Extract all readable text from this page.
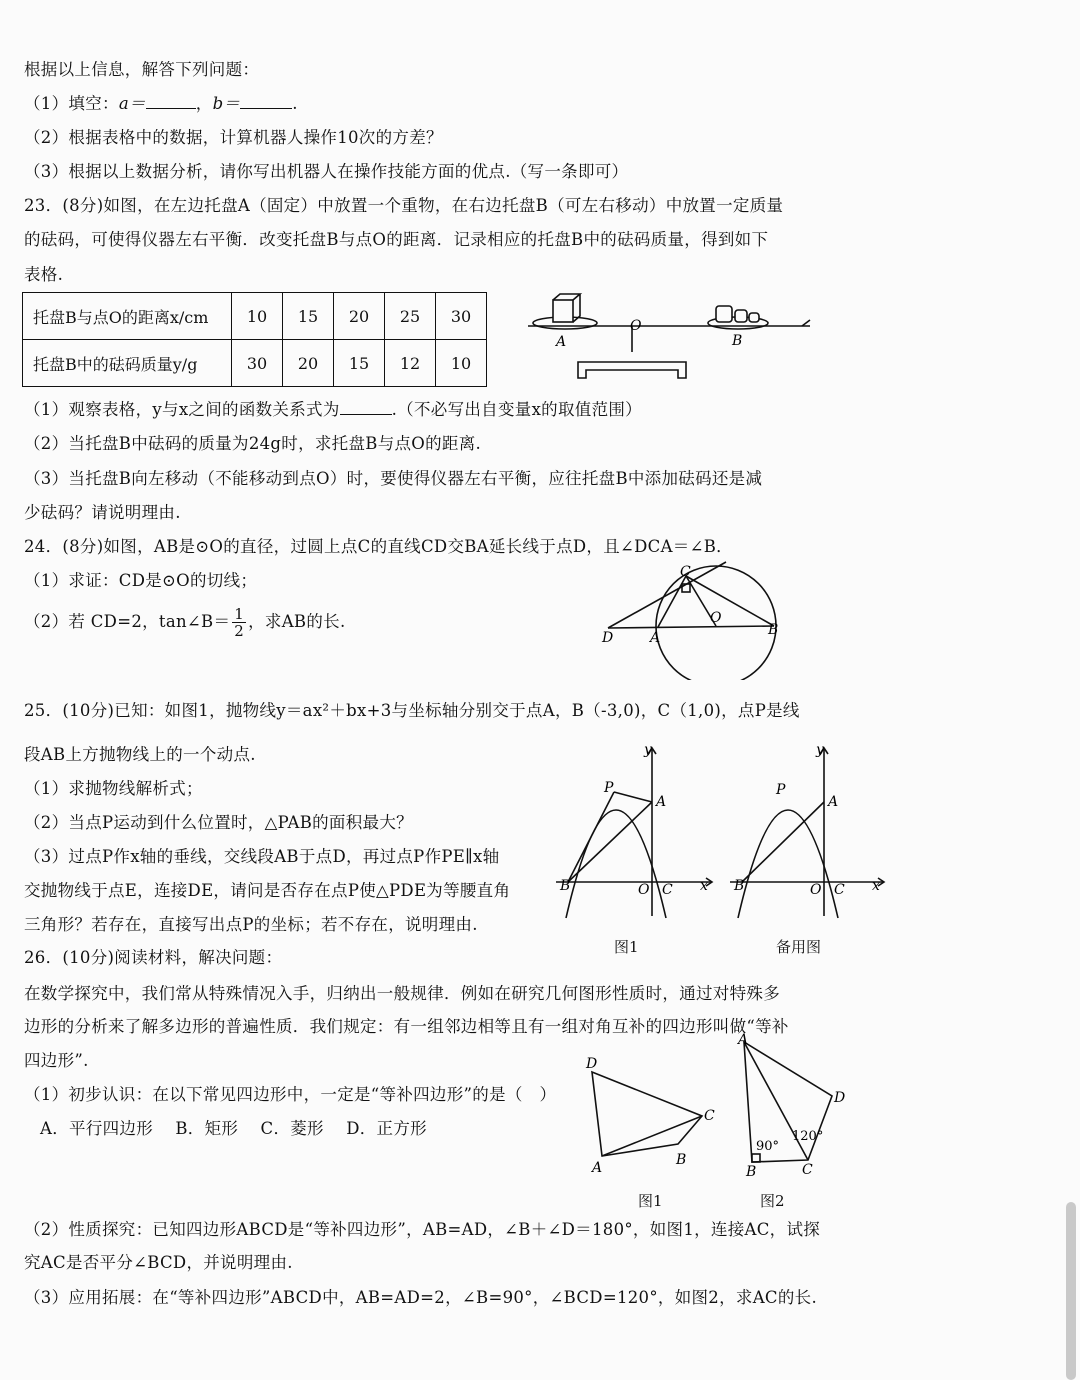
根据以上信息，解答下列问题：
（1）填空：a＝	，b＝	.
（2）根据表格中的数据，计算机器人操作10次的方差？
（3）根据以上数据分析，请你写出机器人在操作技能方面的优点.（写一条即可）
23．(8分)如图，在左边托盘A（固定）中放置一个重物，在右边托盘B（可左右移动）中放置一定质量
的砝码，可使得仪器左右平衡．改变托盘B与点O的距离．记录相应的托盘B中的砝码质量，得到如下
表格.
托盘B与点O的距离x/cm	10	15	20	25	30
托盘B中的砝码质量y/g	30	20	15	12	10
A
O
B
（1）观察表格，y与x之间的函数关系式为	.（不必写出自变量x的取值范围）
（2）当托盘B中砝码的质量为24g时，求托盘B与点O的距离.
（3）当托盘B向左移动（不能移动到点O）时，要使得仪器左右平衡，应往托盘B中添加砝码还是减
少砝码？请说明理由.
24．(8分)如图，AB是⊙O的直径，过圆上点C的直线CD交BA延长线于点D，且∠DCA＝∠B．
（1）求证：CD是⊙O的切线；
（2）若 CD=2，tan∠B＝ $\frac{1}{2}$ ，求AB的长.
C
D	A
O
B
25．(10分)已知：如图1，抛物线y＝ax²＋bx+3与坐标轴分别交于点A，B（-3,0)，C（1,0)，点P是线
段AB上方抛物线上的一个动点.
（1）求抛物线解析式；
（2）当点P运动到什么位置时，△PAB的面积最大？
（3）过点P作x轴的垂线，交线段AB于点D，再过点P作PE∥x轴
交抛物线于点E，连接DE，请问是否存在点P使△PDE为等腰直角
三角形？若存在，直接写出点P的坐标；若不存在，说明理由.
y
P
A
B	O C x
图1
y
P
A
B	O C x
备用图
26．(10分)阅读材料，解决问题：
在数学探究中，我们常从特殊情况入手，归纳出一般规律．例如在研究几何图形性质时，通过对特殊多
边形的分析来了解多边形的普遍性质．我们规定：有一组邻边相等且有一组对角互补的四边形叫做“等补
四边形”.
（1）初步认识：在以下常见四边形中，一定是“等补四边形”的是（　）
A．平行四边形　 B．矩形　 C．菱形　 D．正方形
D
C
A	B
图1
A
D
B	C
90°
120°
图2
（2）性质探究：已知四边形ABCD是“等补四边形”，AB=AD，∠B＋∠D＝180°，如图1，连接AC，试探
究AC是否平分∠BCD，并说明理由.
（3）应用拓展：在“等补四边形”ABCD中，AB=AD=2，∠B=90°，∠BCD=120°，如图2，求AC的长.
